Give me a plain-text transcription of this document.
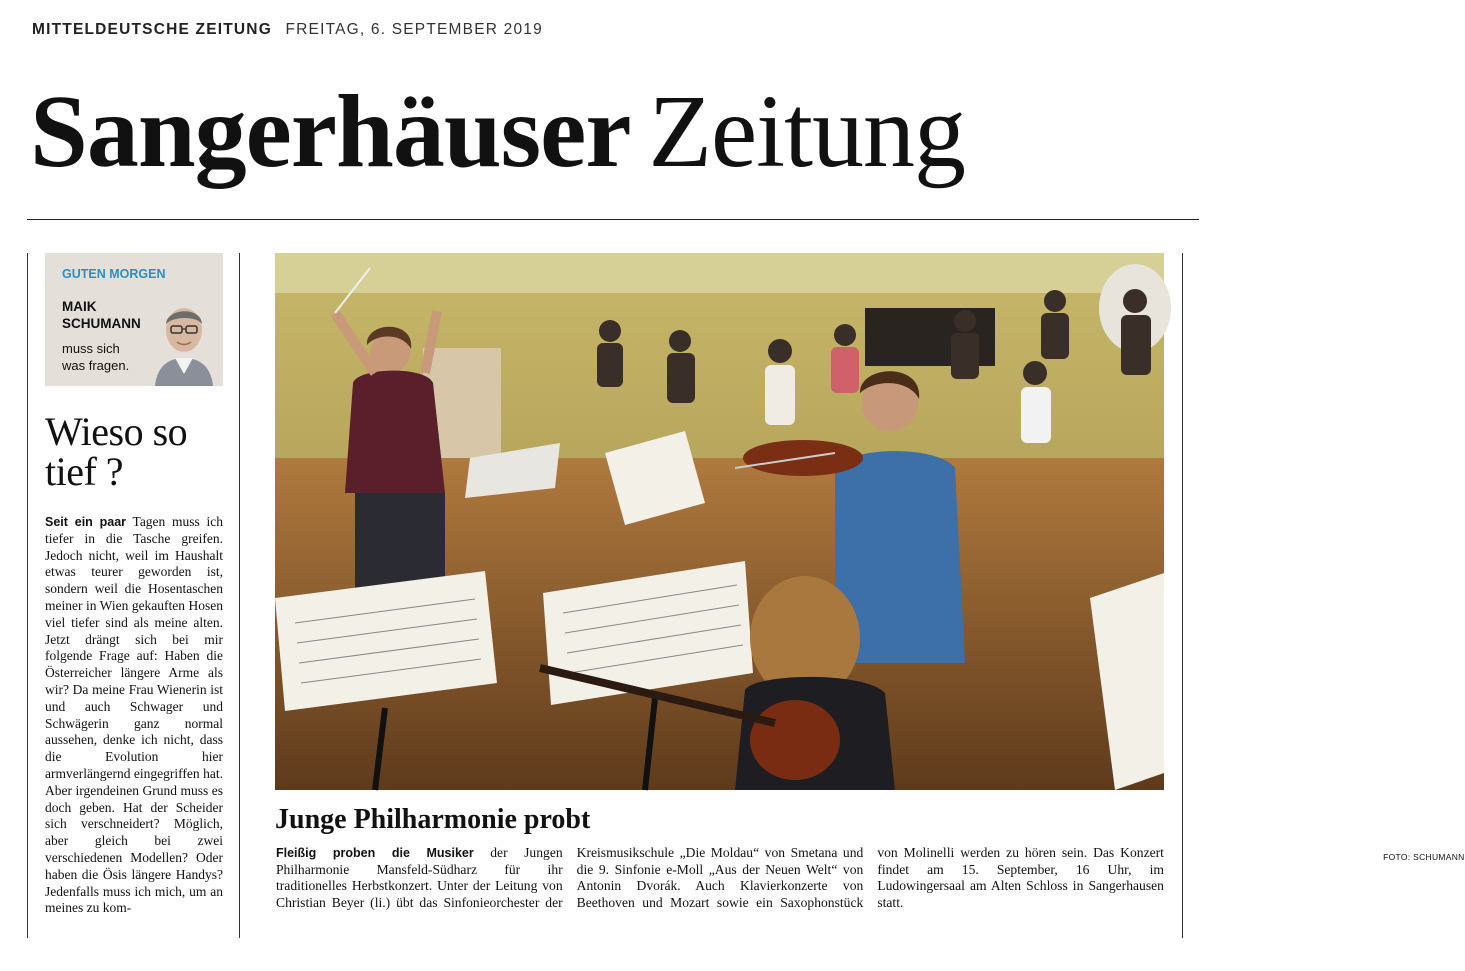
MITTELDEUTSCHE ZEITUNG FREITAG, 6. SEPTEMBER 2019
Sangerhäuser Zeitung
GUTEN MORGEN
MAIK SCHUMANN
muss sich was fragen.
Wieso so tief ?
Seit ein paar Tagen muss ich tiefer in die Tasche greifen. Jedoch nicht, weil im Haushalt etwas teurer geworden ist, sondern weil die Hosentaschen meiner in Wien gekauften Hosen viel tiefer sind als meine alten. Jetzt drängt sich bei mir folgende Frage auf: Haben die Österreicher längere Arme als wir? Da meine Frau Wienerin ist und auch Schwager und Schwägerin ganz normal aussehen, denke ich nicht, dass die Evolution hier armverlängernd eingegriffen hat. Aber irgendeinen Grund muss es doch geben. Hat der Scheider sich verschneidert? Möglich, aber gleich bei zwei verschiedenen Modellen? Oder haben die Ösis längere Handys? Jedenfalls muss ich mich, um an meines zu kom-
Junge Philharmonie probt
Fleißig proben die Musiker der Jungen Philharmonie Mansfeld-Südharz für ihr traditionelles Herbstkonzert. Unter der Leitung von Christian Beyer (li.) übt das Sinfonieorchester der Kreismusikschule „Die Moldau“ von Smetana und die 9. Sinfonie e-Moll „Aus der Neuen Welt“ von Antonin Dvorák. Auch Klavierkonzerte von Beethoven und Mozart sowie ein Saxophonstück von Molinelli werden zu hören sein. Das Konzert findet am 15. September, 16 Uhr, im Ludowingersaal am Alten Schloss in Sangerhausen statt.
FOTO: SCHUMANN
